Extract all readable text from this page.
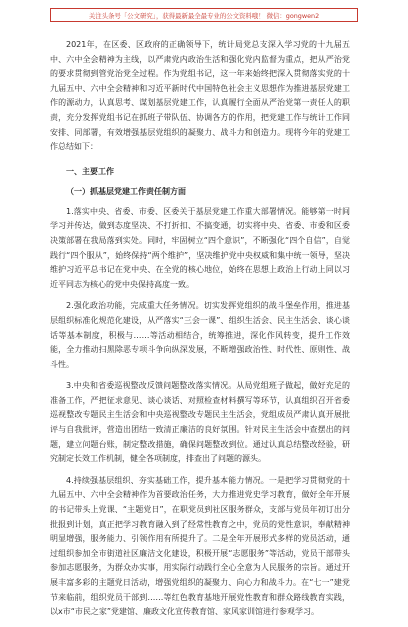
关注头条号「公文研究」，获得最新最全最专业的公文资料哦！ 微信：gongwen2

2021年，在区委、区政府的正确领导下，统计局党总支深入学习党的十九届五中、六中全会精神为主线，以严肃党内政治生活和强化党内监督为重点，把从严治党的要求贯彻到管党治党全过程。作为党组书记，这一年来始终把深入贯彻落实党的十九届五中、六中全会精神和习近平新时代中国特色社会主义思想作为推进基层党建工作的源动力，认真思考、谋划基层党建工作，认真履行全面从严治党第一责任人的职责，充分发挥党组书记在抓班子带队伍、协调各方的作用，把党建工作与统计工作同安排、同部署，有效增强基层党组织的凝聚力、战斗力和创造力。现将今年的党建工作总结如下：

一、主要工作
（一）抓基层党建工作责任制方面

1.落实中央、省委、市委、区委关于基层党建工作重大部署情况。能够第一时间学习并传达，做到态度坚决、不打折扣、不搞变通，切实将中央、省委、市委和区委决策部署在我局落到实处。同时，牢固树立“四个意识”，不断强化“四个自信”，自觉践行“四个服从”，始终保持“两个维护”，坚决维护党中央权威和集中统一领导，坚决维护习近平总书记在党中央、在全党的核心地位，始终在思想上政治上行动上同以习近平同志为核心的党中央保持高度一致。

2.强化政治功能，完成重大任务情况。切实发挥党组织的战斗堡垒作用，推进基层组织标准化规范化建设，从严落实“三会一课”、组织生活会、民主生活会、谈心谈话等基本制度，积极与……等活动相结合，统筹推进，深化作风转变，提升工作效能，全力推动扫黑除恶专项斗争向纵深发展，不断增强政治性、时代性、原则性、战斗性。

3.中央和省委巡视整改反馈问题整改落实情况。从局党组班子做起，做好充足的准备工作，严把征求意见、谈心谈话、对照检查材料撰写等环节，认真组织召开省委巡视整改专题民主生活会和中央巡视整改专题民主生活会，党组成员严肃认真开展批评与自我批评，营造出团结一致清正廉洁的良好氛围。针对民主生活会中查摆出的问题，建立问题台账，制定整改措施，确保问题整改到位。通过认真总结整改经验，研究制定长效工作机制，健全各项制度，排查出了问题的源头。

4.持续强基层组织、夯实基础工作，提升基本能力情况。一是把学习贯彻党的十九届五中、六中全会精神作为首要政治任务，大力推进党史学习教育，做好全年开展的书记带头上党课、“主题党日”，在职党员到社区服务群众，支部与党员年初订出分批报到计划，真正把学习教育融入到了经常性教育之中，党员的党性意识，奉献精神明显增强，服务能力、引领作用有所提升了。二是全年开展形式多样的党员活动，通过组织参加全市街道社区廉洁文化建设，积极开展“志愿服务”等活动，党员干部带头参加志愿服务，为群众办实事，用实际行动践行全心全意为人民服务的宗旨。通过开展丰富多彩的主题党日活动，增强党组织的凝聚力、向心力和战斗力。在“七一”建党节来临前，组织党员干部到……等红色教育基地开展党性教育和群众路线教育实践，以x市“市民之家”党建馆、廉政文化宣传教育馆、家风家训馆进行参观学习。
